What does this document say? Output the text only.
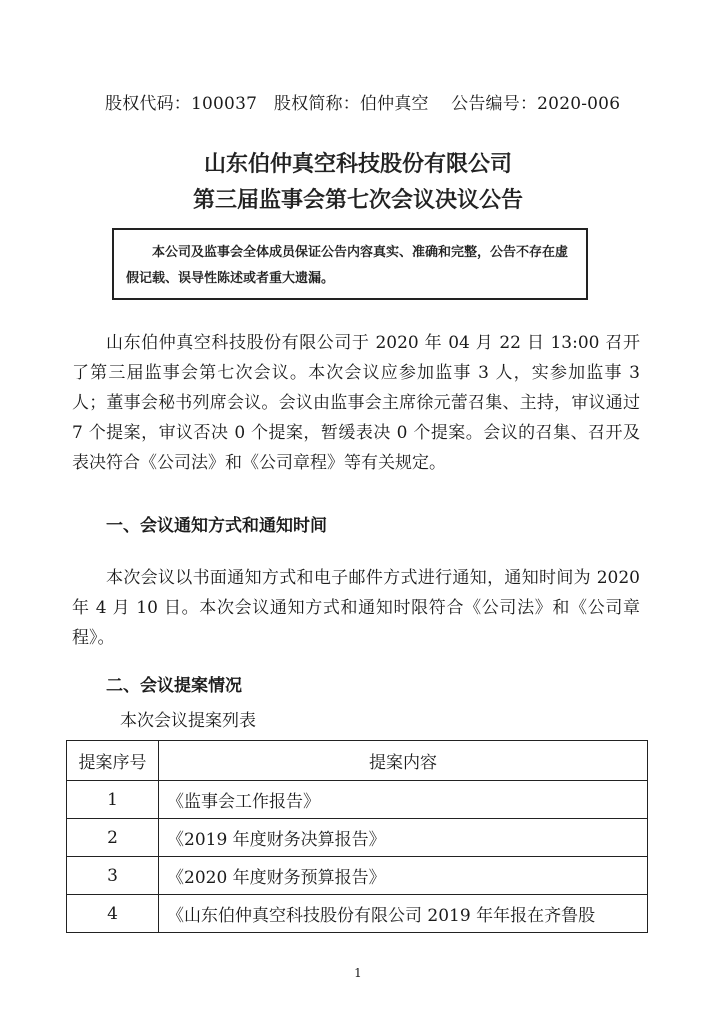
股权代码：100037 股权简称：伯仲真空 公告编号：2020-006
山东伯仲真空科技股份有限公司
第三届监事会第七次会议决议公告
本公司及监事会全体成员保证公告内容真实、准确和完整，公告不存在虚假记载、误导性陈述或者重大遗漏。
山东伯仲真空科技股份有限公司于 2020 年 04 月 22 日 13:00 召开了第三届监事会第七次会议。本次会议应参加监事 3 人，实参加监事 3 人；董事会秘书列席会议。会议由监事会主席徐元蕾召集、主持，审议通过 7 个提案，审议否决 0 个提案，暂缓表决 0 个提案。会议的召集、召开及表决符合《公司法》和《公司章程》等有关规定。
一、会议通知方式和通知时间
本次会议以书面通知方式和电子邮件方式进行通知，通知时间为 2020 年 4 月 10 日。本次会议通知方式和通知时限符合《公司法》和《公司章程》。
二、会议提案情况
本次会议提案列表
提案序号	提案内容
1	《监事会工作报告》
2	《2019 年度财务决算报告》
3	《2020 年度财务预算报告》
4	《山东伯仲真空科技股份有限公司 2019 年年报在齐鲁股
1
